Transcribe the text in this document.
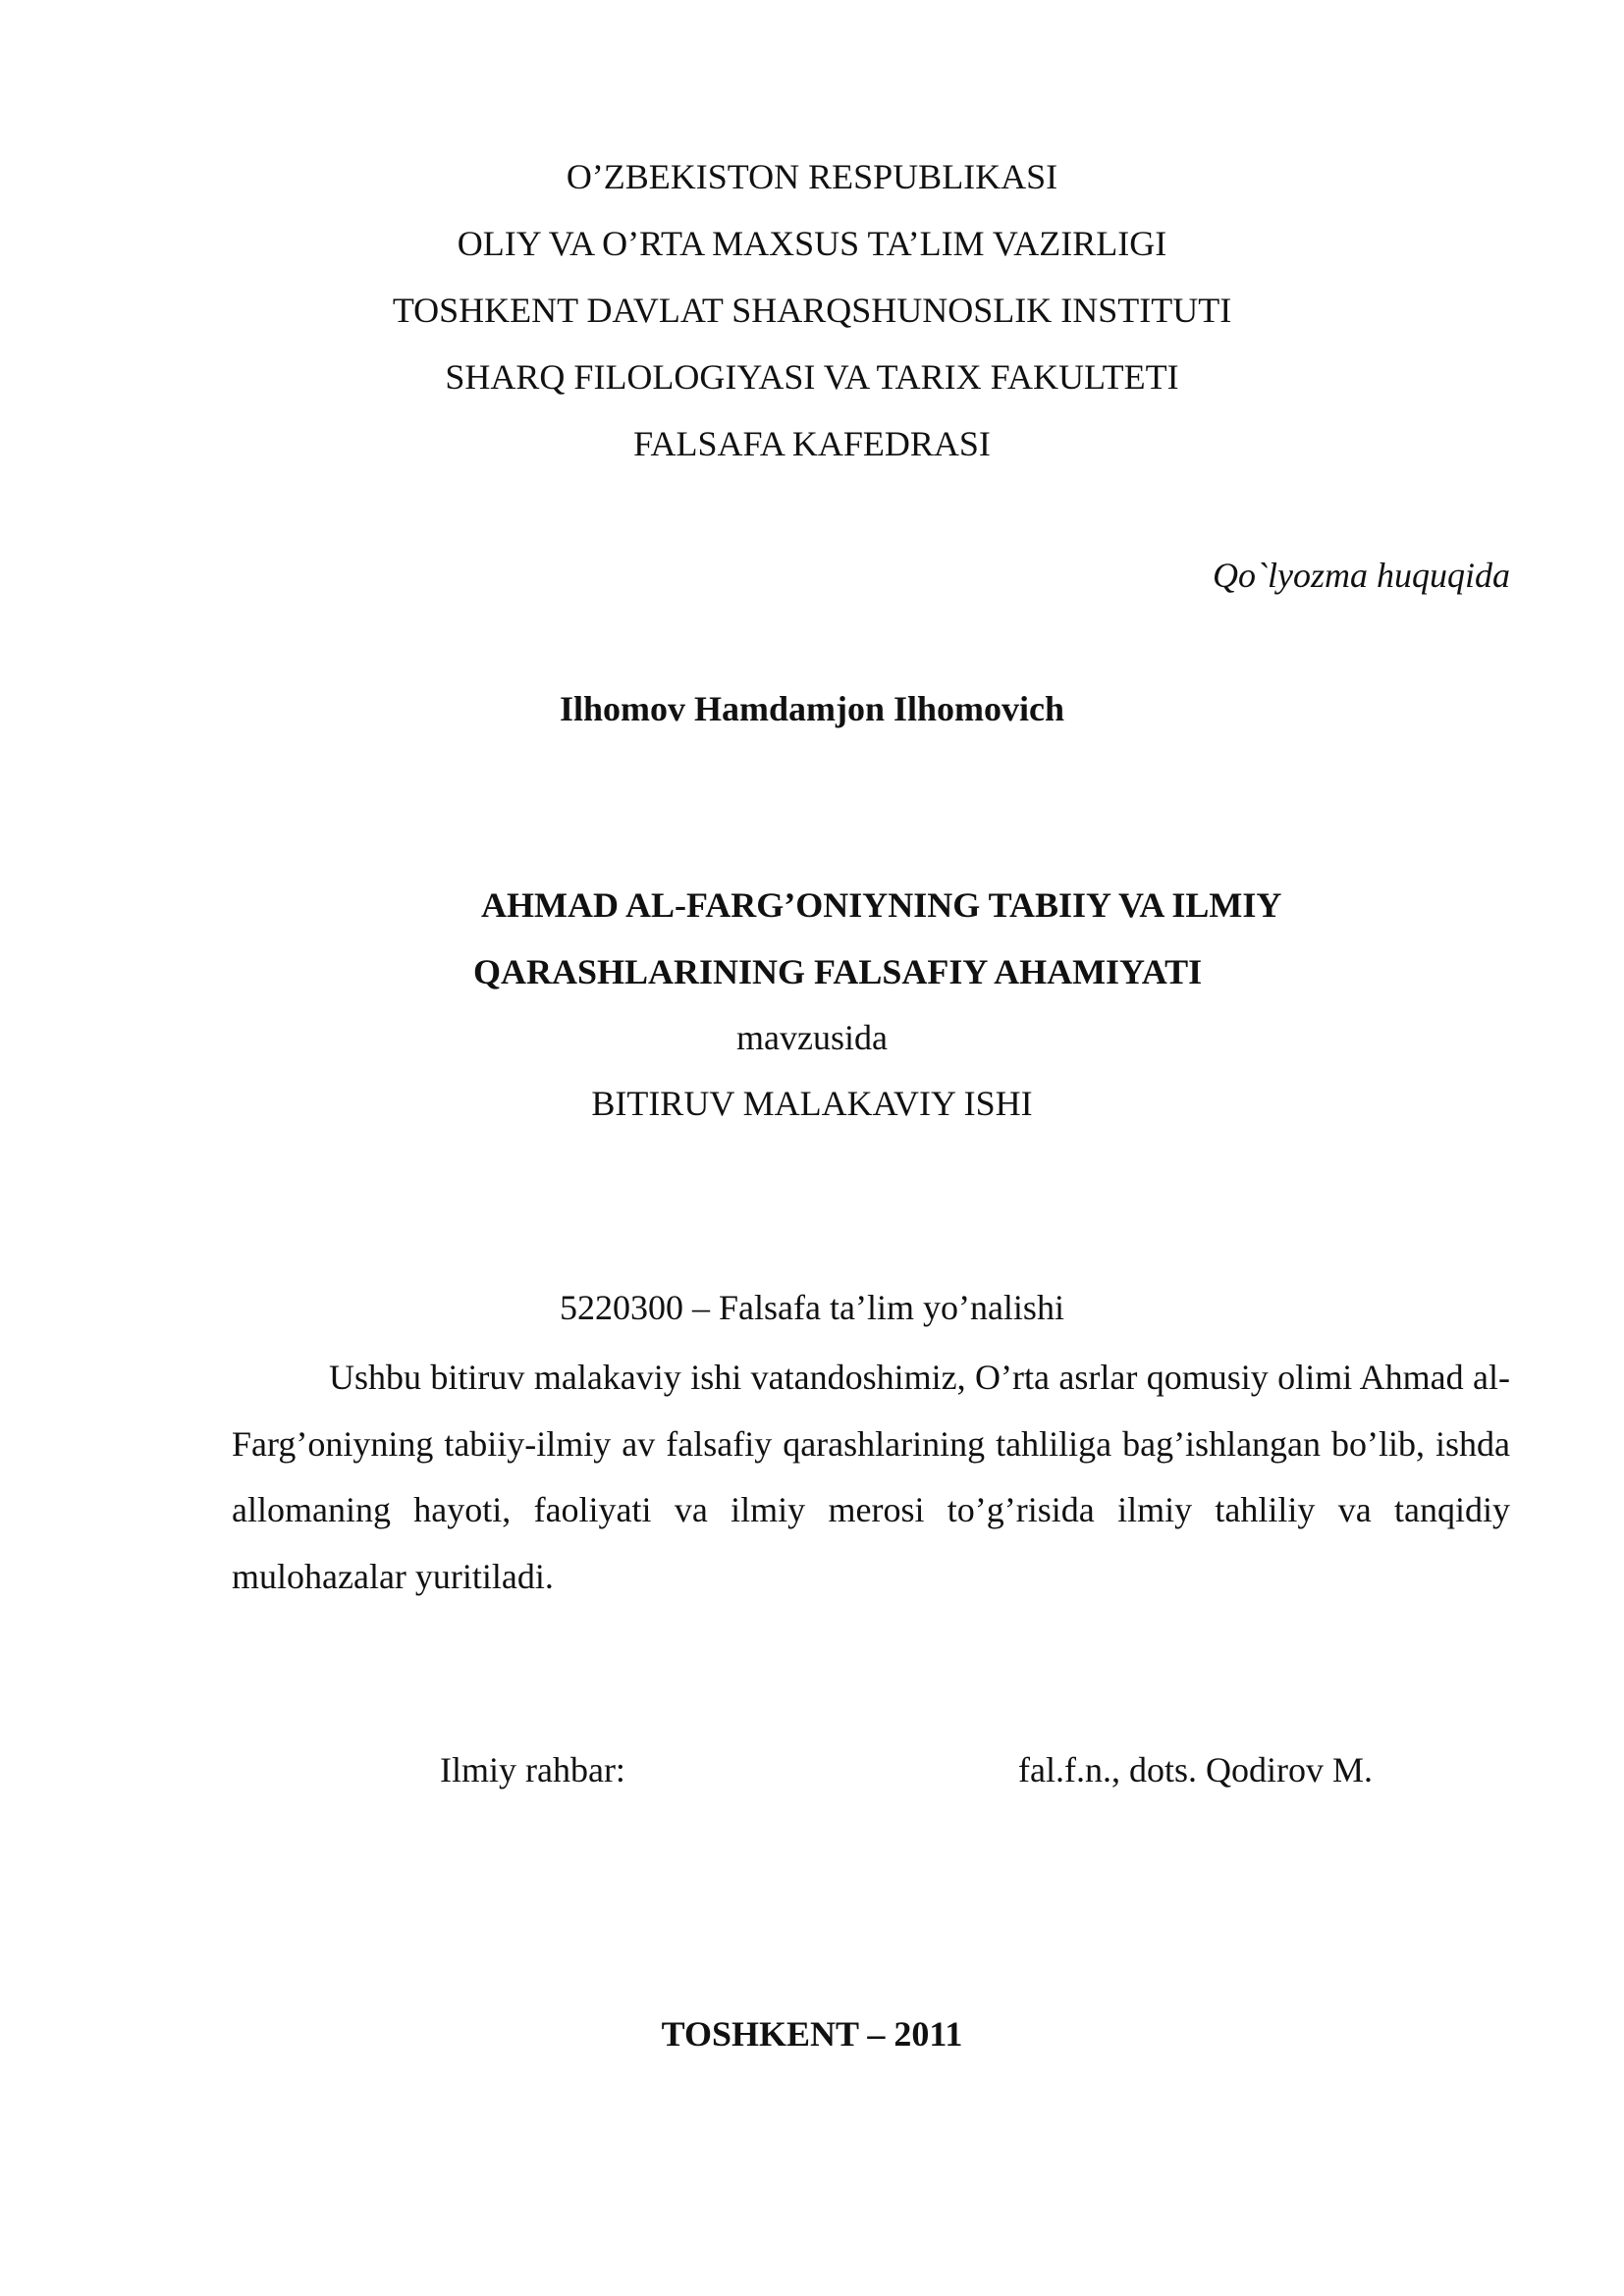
O’ZBEKISTON RESPUBLIKASI
OLIY VA O’RTA MAXSUS TA’LIM VAZIRLIGI
TOSHKENT DAVLAT SHARQSHUNOSLIK INSTITUTI
SHARQ FILOLOGIYASI VA TARIX FAKULTETI
FALSAFA KAFEDRASI
Qo`lyozma huquqida
Ilhomov Hamdamjon Ilhomovich
AHMAD AL-FARG’ONIYNING TABIIY VA ILMIY
QARASHLARINING FALSAFIY AHAMIYATI
mavzusida
BITIRUV MALAKAVIY ISHI
5220300 – Falsafa ta’lim yo’nalishi
Ushbu bitiruv malakaviy ishi vatandoshimiz, O’rta asrlar qomusiy olimi Ahmad al-Farg’oniyning tabiiy-ilmiy av falsafiy qarashlarining tahliliga bag’ishlangan bo’lib, ishda allomaning hayoti, faoliyati va ilmiy merosi to’g’risida ilmiy tahliliy va tanqidiy mulohazalar yuritiladi.
Ilmiy rahbar:	fal.f.n., dots. Qodirov M.
TOSHKENT – 2011
